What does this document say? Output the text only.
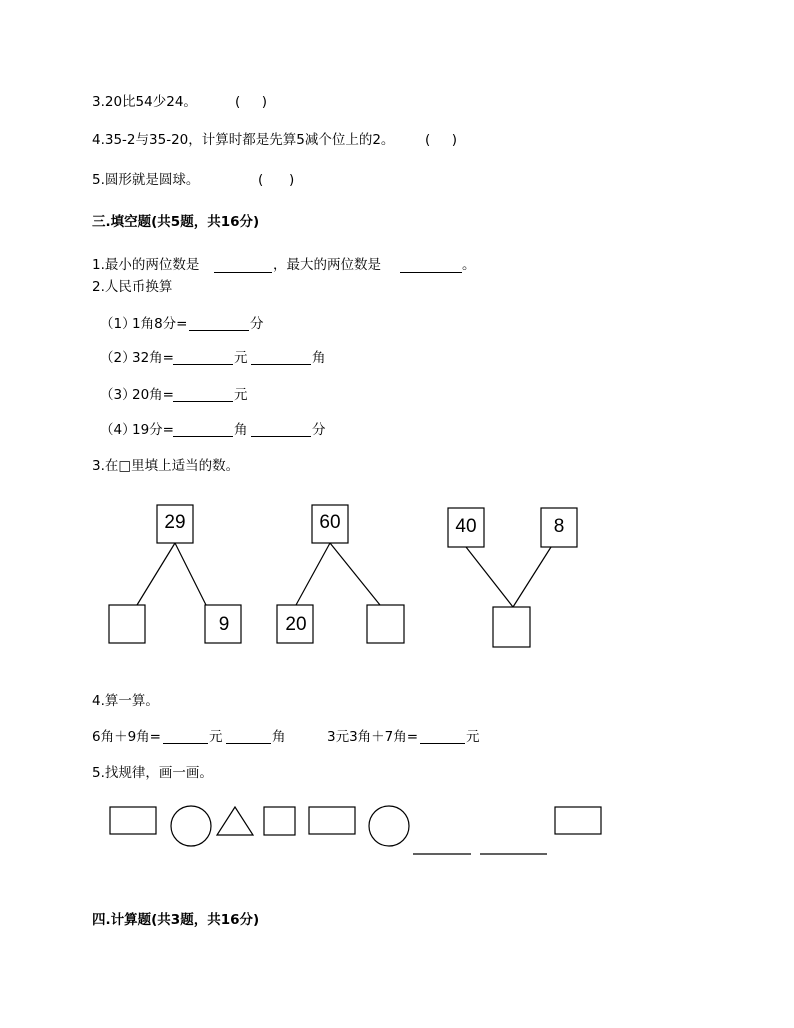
3.20比54少24。	(     )
4.35-2与35-20，计算时都是先算5减个位上的2。 (     )
5.圆形就是圆球。	(      )
三.填空题(共5题，共16分)
1.最小的两位数是	，最大的两位数是	。
2.人民币换算
（1）
1角8分=	分
（2）
32角=	元	角
（3）
20角=	元
（4）
19分=	角	分
3.在□里填上适当的数。
29
9
60
20
40	8
4.算一算。
6角＋9角=	元	角	3元3角＋7角=	元
5.找规律，画一画。
四.计算题(共3题，共16分)
